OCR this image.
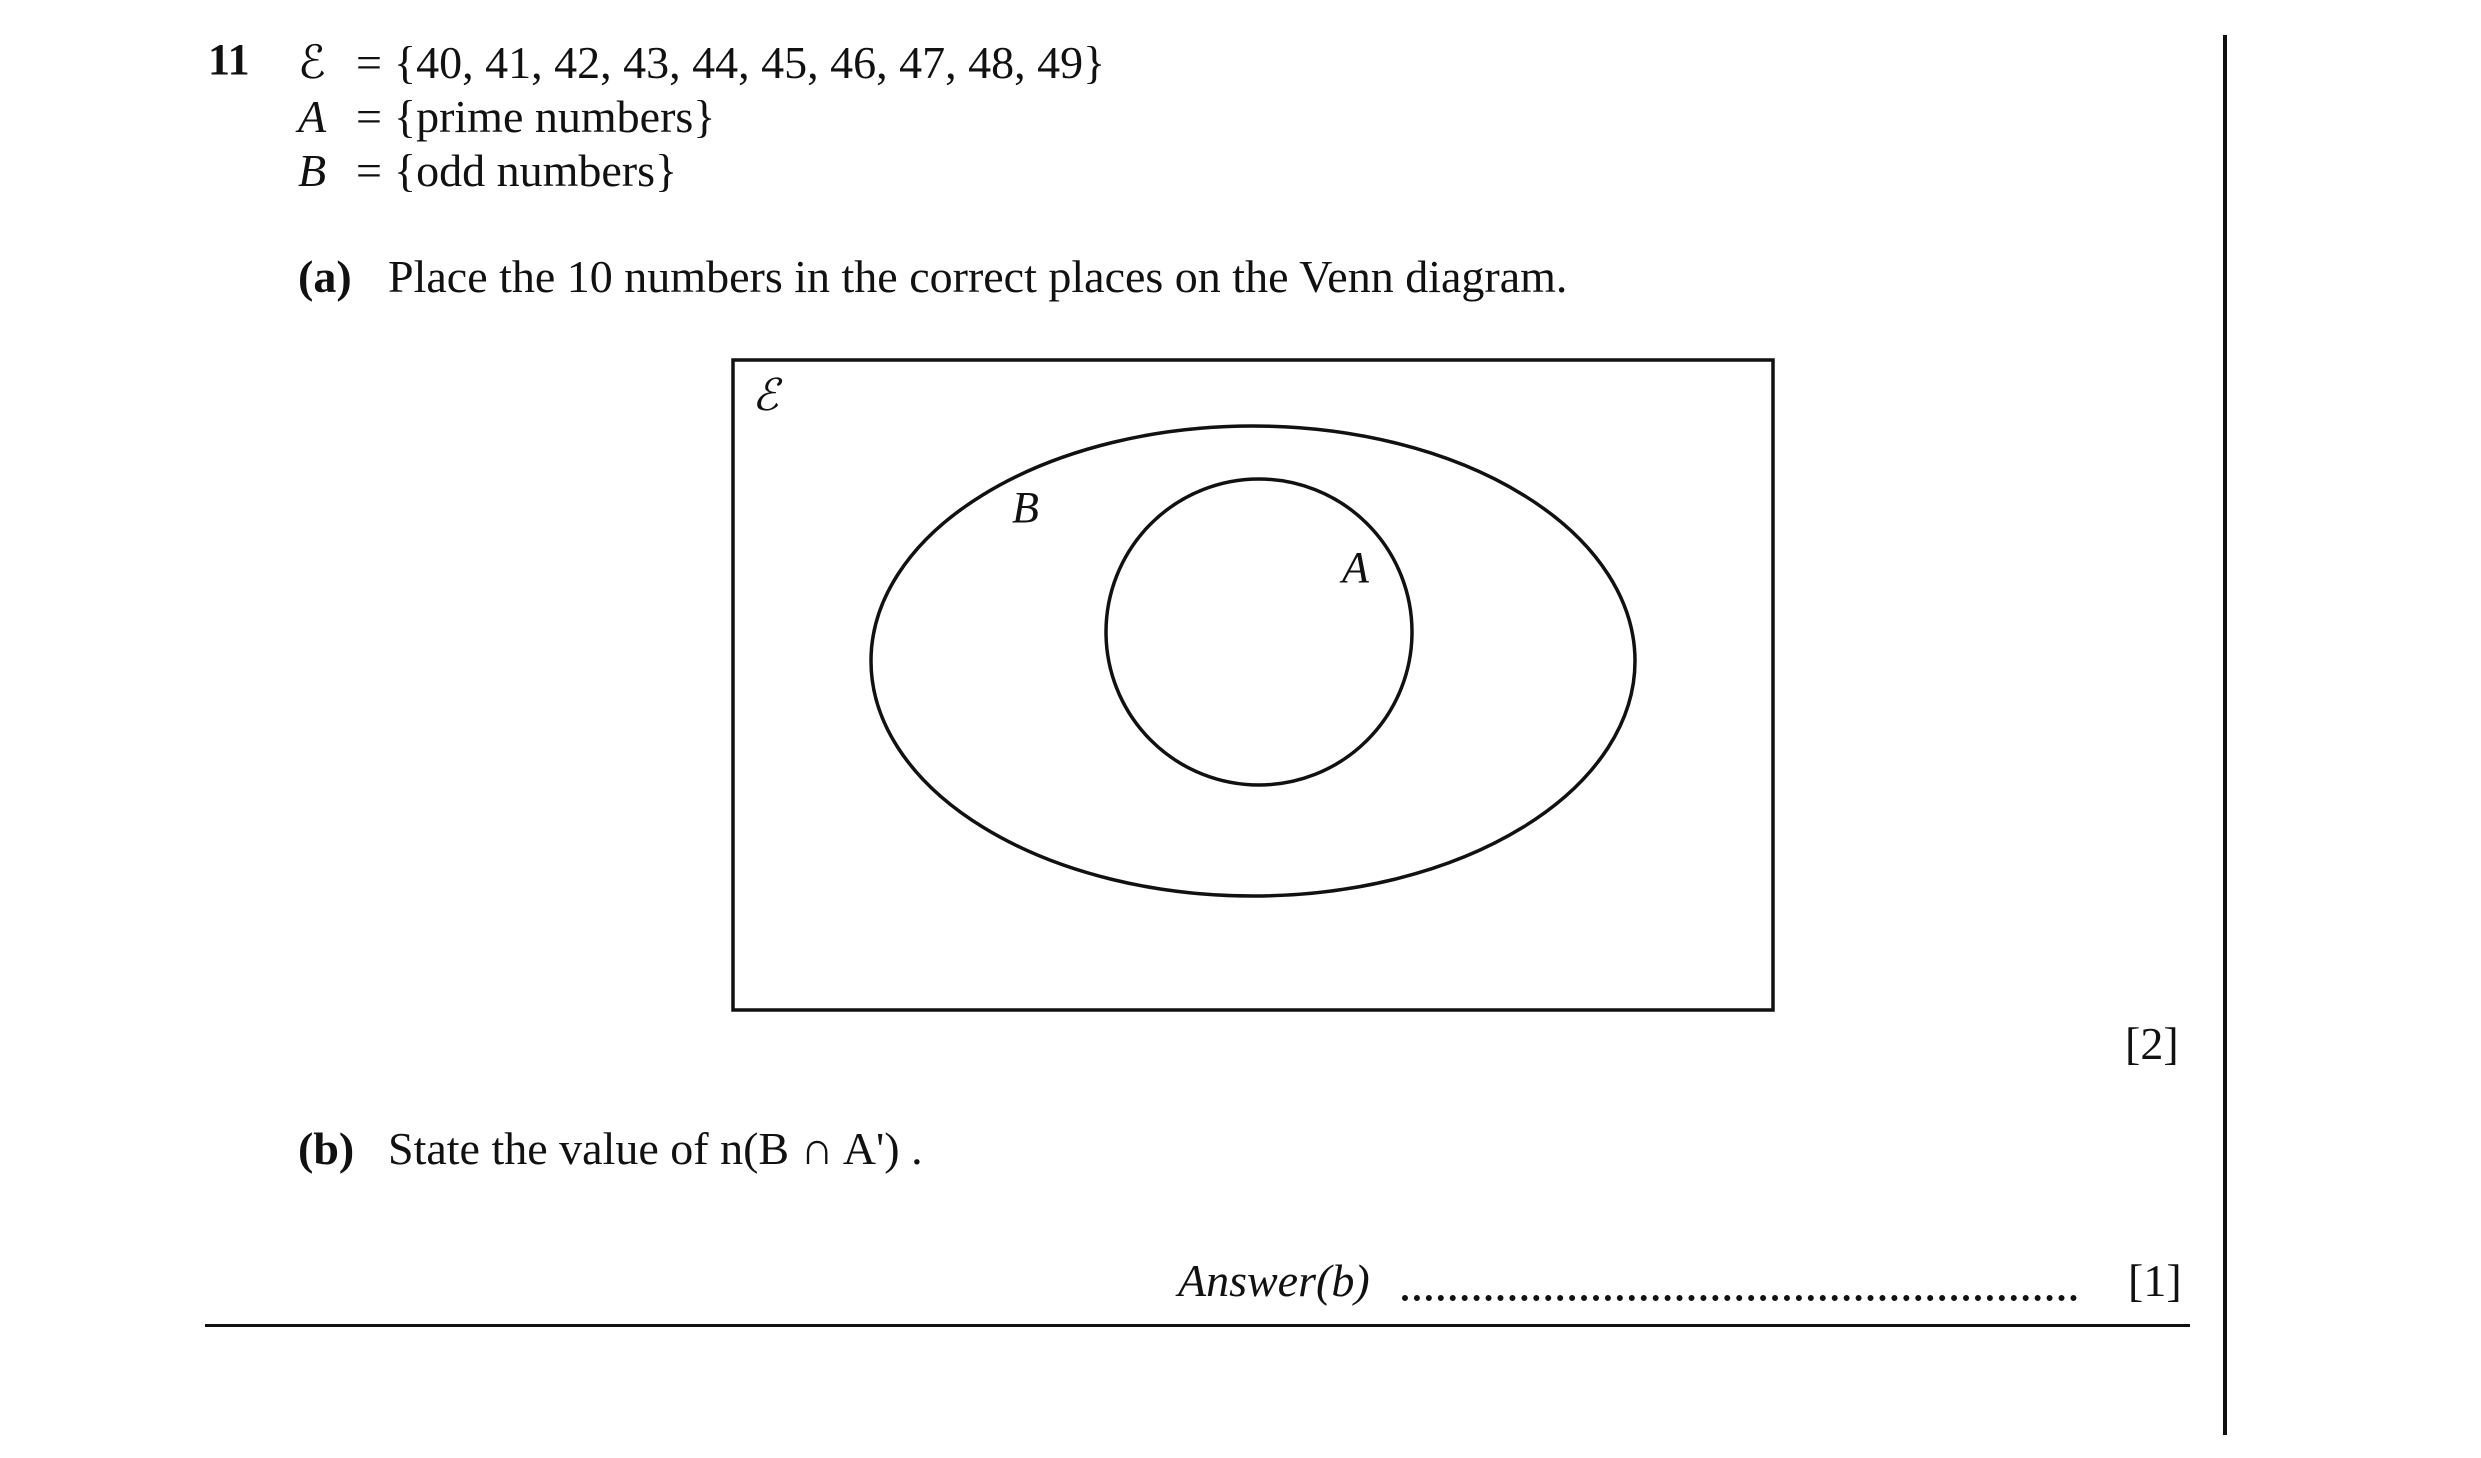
11 ℰ = {40, 41, 42, 43, 44, 45, 46, 47, 48, 49}
A = {prime numbers}
B = {odd numbers}
(a) Place the 10 numbers in the correct places on the Venn diagram.
ℰ
B
A
[2]
(b) State the value of n(B ∩ A') .
Answer(b)	[1]
